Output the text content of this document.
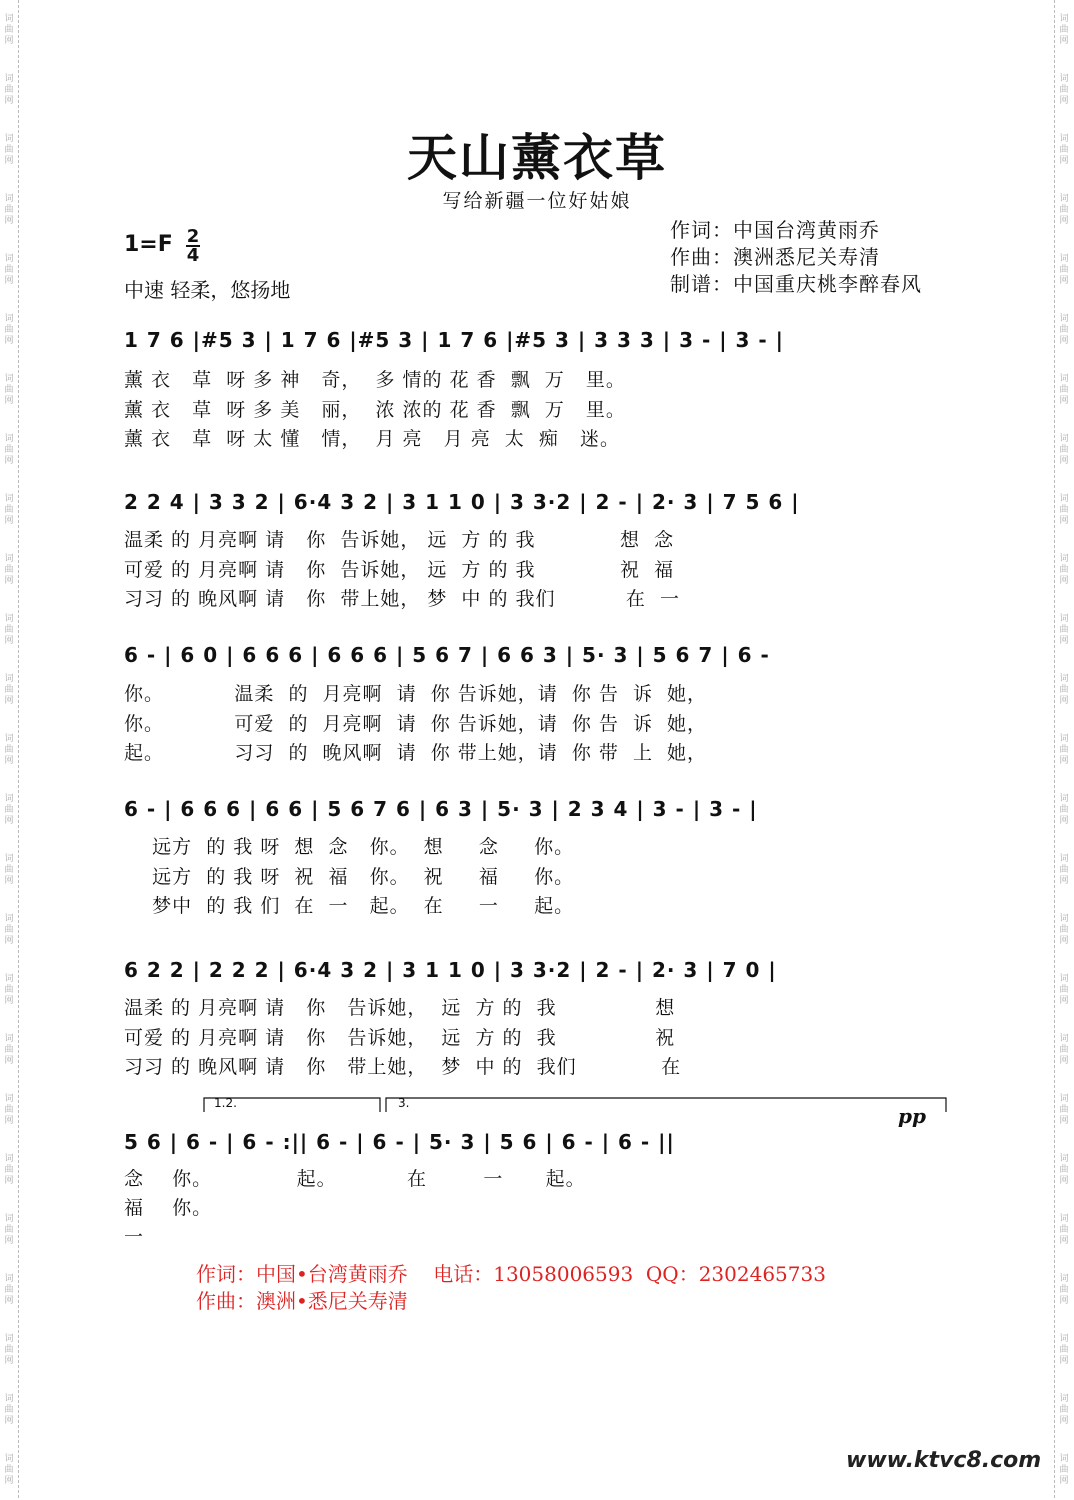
词
曲
网
词
曲
网
词
曲
网
词
曲
网
词
曲
网
词
曲
网
词
曲
网
词
曲
网
词
曲
网
词
曲
网
词
曲
网
词
曲
网
词
曲
网
词
曲
网
词
曲
网
词
曲
网
词
曲
网
词
曲
网
词
曲
网
词
曲
网
词
曲
网
词
曲
网
词
曲
网
词
曲
网
词
曲
网
词
曲
网
词
曲
网
词
曲
网
词
曲
网
词
曲
网
词
曲
网
词
曲
网
词
曲
网
词
曲
网
词
曲
网
词
曲
网
词
曲
网
词
曲
网
词
曲
网
词
曲
网
词
曲
网
词
曲
网
词
曲
网
词
曲
网
词
曲
网
词
曲
网
词
曲
网
词
曲
网
词
曲
网
词
曲
网
天山薰衣草
写给新疆一位好姑娘
作词：中国台湾黄雨乔
作曲：澳洲悉尼关寿清
制谱：中国重庆桃李醉春风
1=F 2
4
中速 轻柔，悠扬地
1 7 6 |#5 3 | 1 7 6 |#5 3 | 1 7 6 |#5 3 | 3 3 3 | 3 - | 3 - |
薰 衣   草  呀 多 神   奇，  多 情的 花 香  飘  万   里。
薰 衣   草  呀 多 美   丽，  浓 浓的 花 香  飘  万   里。
薰 衣   草  呀 太 懂   情，  月 亮   月 亮  太  痴   迷。
2 2 4 | 3 3 2 | 6·4 3 2 | 3 1 1 0 | 3 3·2 | 2 - | 2· 3 | 7 5 6 |
温柔 的 月亮啊 请   你  告诉她， 远  方 的 我            想  念
可爱 的 月亮啊 请   你  告诉她， 远  方 的 我            祝  福
习习 的 晚风啊 请   你  带上她， 梦  中 的 我们          在  一
6 - | 6 0 | 6 6 6 | 6 6 6 | 5 6 7 | 6 6 3 | 5· 3 | 5 6 7 | 6 -
你。          温柔  的  月亮啊  请  你 告诉她，请  你 告  诉  她，
你。          可爱  的  月亮啊  请  你 告诉她，请  你 告  诉  她，
起。          习习  的  晚风啊  请  你 带上她，请  你 带  上  她，
6 - | 6 6 6 | 6 6 | 5 6 7 6 | 6 3 | 5· 3 | 2 3 4 | 3 - | 3 - |
远方  的 我 呀  想  念   你。  想     念     你。
远方  的 我 呀  祝  福   你。  祝     福     你。
梦中  的 我 们  在  一   起。  在     一     起。
6 2 2 | 2 2 2 | 6·4 3 2 | 3 1 1 0 | 3 3·2 | 2 - | 2· 3 | 7 0 |
温柔 的 月亮啊 请   你   告诉她，  远  方 的  我              想
可爱 的 月亮啊 请   你   告诉她，  远  方 的  我              祝
习习 的 晚风啊 请   你   带上她，  梦  中 的  我们            在
1.2.	3.
pp
5 6 | 6 - | 6 - :|| 6 - | 6 - | 5· 3 | 5 6 | 6 - | 6 - ||
念    你。            起。          在        一      起。
福    你。
一
作词：中国•台湾黄雨乔    电话：13058006593  QQ：2302465733
作曲：澳洲•悉尼关寿清
www.ktvc8.com
